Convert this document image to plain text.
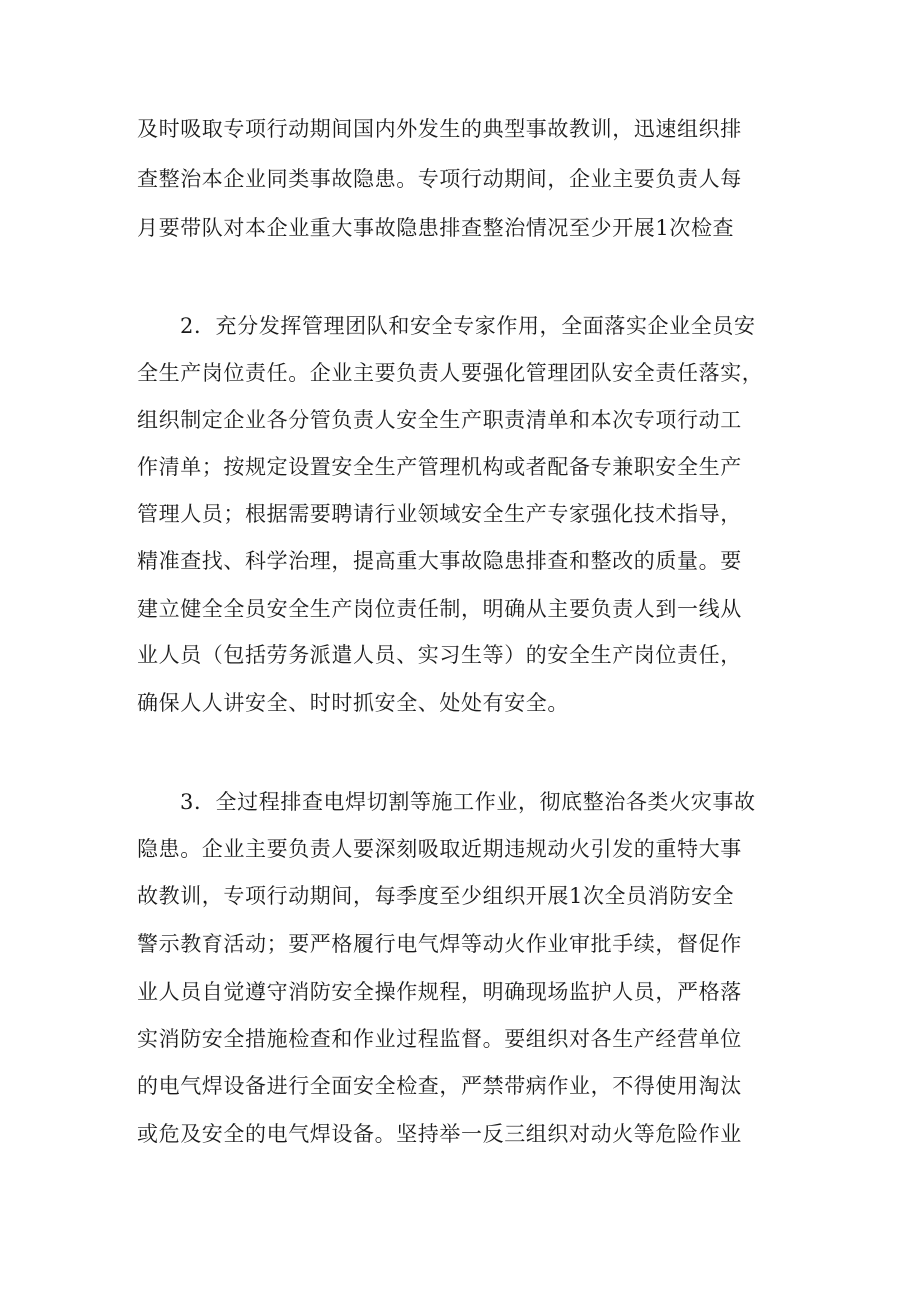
及时吸取专项行动期间国内外发生的典型事故教训，迅速组织排
查整治本企业同类事故隐患。专项行动期间，企业主要负责人每
月要带队对本企业重大事故隐患排查整治情况至少开展1次检查
2．充分发挥管理团队和安全专家作用，全面落实企业全员安
全生产岗位责任。企业主要负责人要强化管理团队安全责任落实，
组织制定企业各分管负责人安全生产职责清单和本次专项行动工
作清单；按规定设置安全生产管理机构或者配备专兼职安全生产
管理人员；根据需要聘请行业领域安全生产专家强化技术指导，
精准查找、科学治理，提高重大事故隐患排查和整改的质量。要
建立健全全员安全生产岗位责任制，明确从主要负责人到一线从
业人员（包括劳务派遣人员、实习生等）的安全生产岗位责任，
确保人人讲安全、时时抓安全、处处有安全。
3．全过程排查电焊切割等施工作业，彻底整治各类火灾事故
隐患。企业主要负责人要深刻吸取近期违规动火引发的重特大事
故教训，专项行动期间，每季度至少组织开展1次全员消防安全
警示教育活动；要严格履行电气焊等动火作业审批手续，督促作
业人员自觉遵守消防安全操作规程，明确现场监护人员，严格落
实消防安全措施检查和作业过程监督。要组织对各生产经营单位
的电气焊设备进行全面安全检查，严禁带病作业，不得使用淘汰
或危及安全的电气焊设备。坚持举一反三组织对动火等危险作业
